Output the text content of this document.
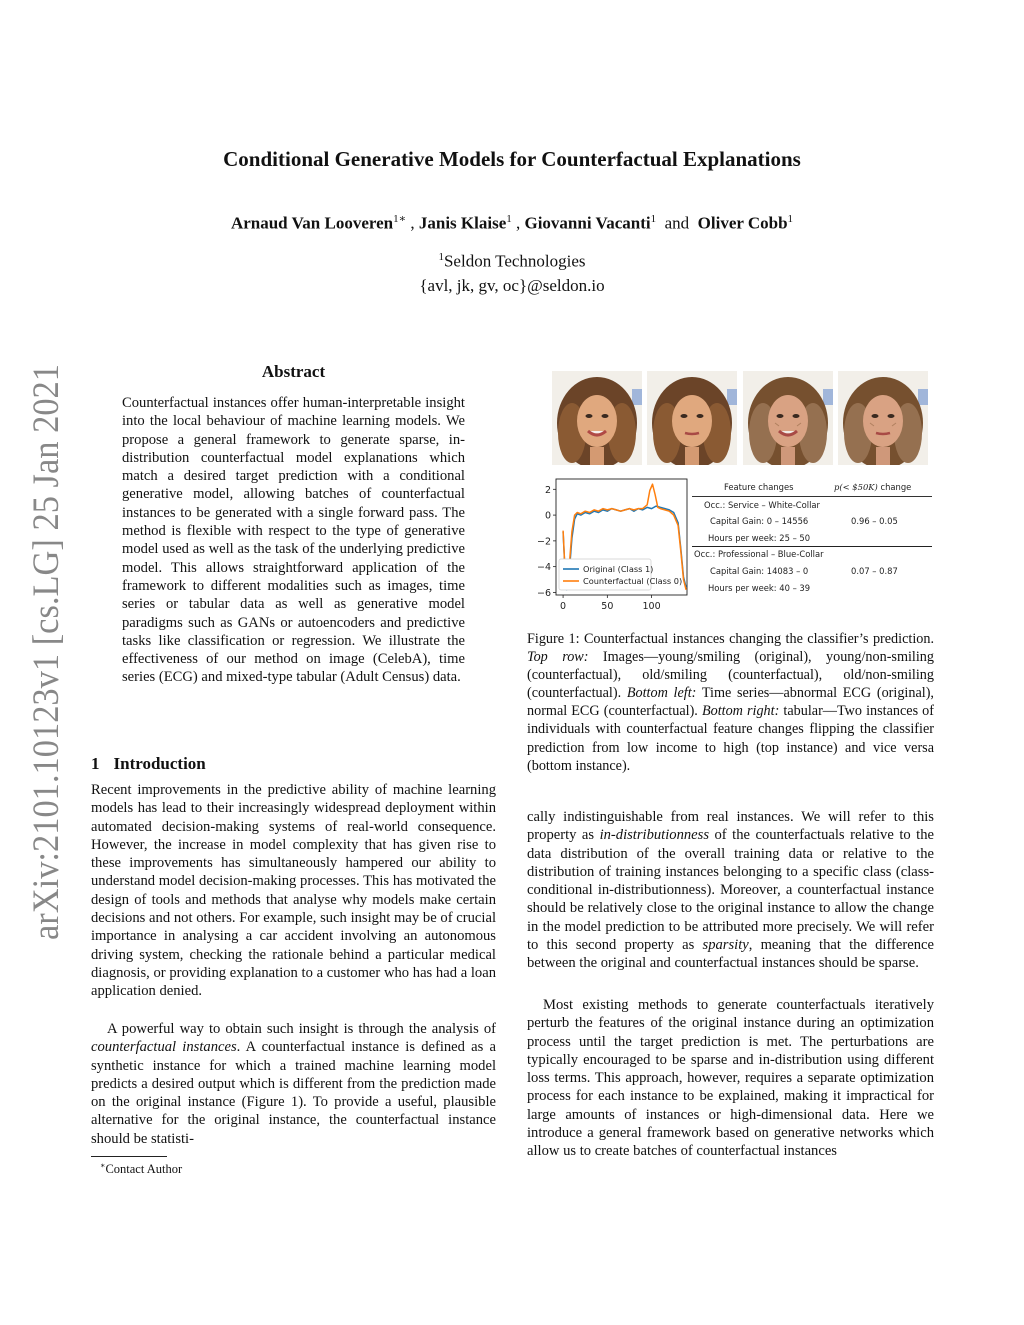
arXiv:2101.10123v1 [cs.LG] 25 Jan 2021
Conditional Generative Models for Counterfactual Explanations
Arnaud Van Looveren$^{1∗}$ , Janis Klaise$^1$ , Giovanni Vacanti$^1$ and Oliver Cobb$^1$
$^1$Seldon Technologies
{avl, jk, gv, oc}@seldon.io
Abstract
Counterfactual instances offer human-interpretable insight into the local behaviour of machine learning models. We propose a general framework to generate sparse, in-distribution counterfactual model explanations which match a desired target prediction with a conditional generative model, allowing batches of counterfactual instances to be generated with a single forward pass. The method is flexible with respect to the type of generative model used as well as the task of the underlying predictive model. This allows straightforward application of the framework to different modalities such as images, time series or tabular data as well as generative model paradigms such as GANs or autoencoders and predictive tasks like classification or regression. We illustrate the effectiveness of our method on image (CelebA), time series (ECG) and mixed-type tabular (Adult Census) data.
1 Introduction
Recent improvements in the predictive ability of machine learning models has lead to their increasingly widespread deployment within automated decision-making systems of real-world consequence. However, the increase in model complexity that has given rise to these improvements has simultaneously hampered our ability to understand model decision-making processes. This has motivated the design of tools and methods that analyse why models make certain decisions and not others. For example, such insight may be of crucial importance in analysing a car accident involving an autonomous driving system, checking the rationale behind a particular medical diagnosis, or providing explanation to a customer who has had a loan application denied.
A powerful way to obtain such insight is through the analysis of counterfactual instances. A counterfactual instance is defined as a synthetic instance for which a trained machine learning model predicts a desired output which is different from the prediction made on the original instance (Figure 1). To provide a useful, plausible alternative for the original instance, the counterfactual instance should be statisti-
∗Contact Author
2
0
−2
−4
−6
0	50	100
Original (Class 1)
Counterfactual (Class 0)
Feature changes	p(< $50K) change
Occ.: Service – White-Collar
Capital Gain: 0 – 14556	0.96 – 0.05
Hours per week: 25 – 50
Occ.: Professional – Blue-Collar
Capital Gain: 14083 – 0	0.07 – 0.87
Hours per week: 40 – 39
Figure 1: Counterfactual instances changing the classifier’s prediction. Top row: Images—young/smiling (original), young/non-smiling (counterfactual), old/smiling (counterfactual), old/non-smiling (counterfactual). Bottom left: Time series—abnormal ECG (original), normal ECG (counterfactual). Bottom right: tabular—Two instances of individuals with counterfactual feature changes flipping the classifier prediction from low income to high (top instance) and vice versa (bottom instance).
cally indistinguishable from real instances. We will refer to this property as in-distributionness of the counterfactuals relative to the data distribution of the overall training data or relative to the distribution of training instances belonging to a specific class (class-conditional in-distributionness). Moreover, a counterfactual instance should be relatively close to the original instance to allow the change in the model prediction to be attributed more precisely. We will refer to this second property as sparsity, meaning that the difference between the original and counterfactual instances should be sparse.
Most existing methods to generate counterfactuals iteratively perturb the features of the original instance during an optimization process until the target prediction is met. The perturbations are typically encouraged to be sparse and in-distribution using different loss terms. This approach, however, requires a separate optimization process for each instance to be explained, making it impractical for large amounts of instances or high-dimensional data. Here we introduce a general framework based on generative networks which allow us to create batches of counterfactual instances
